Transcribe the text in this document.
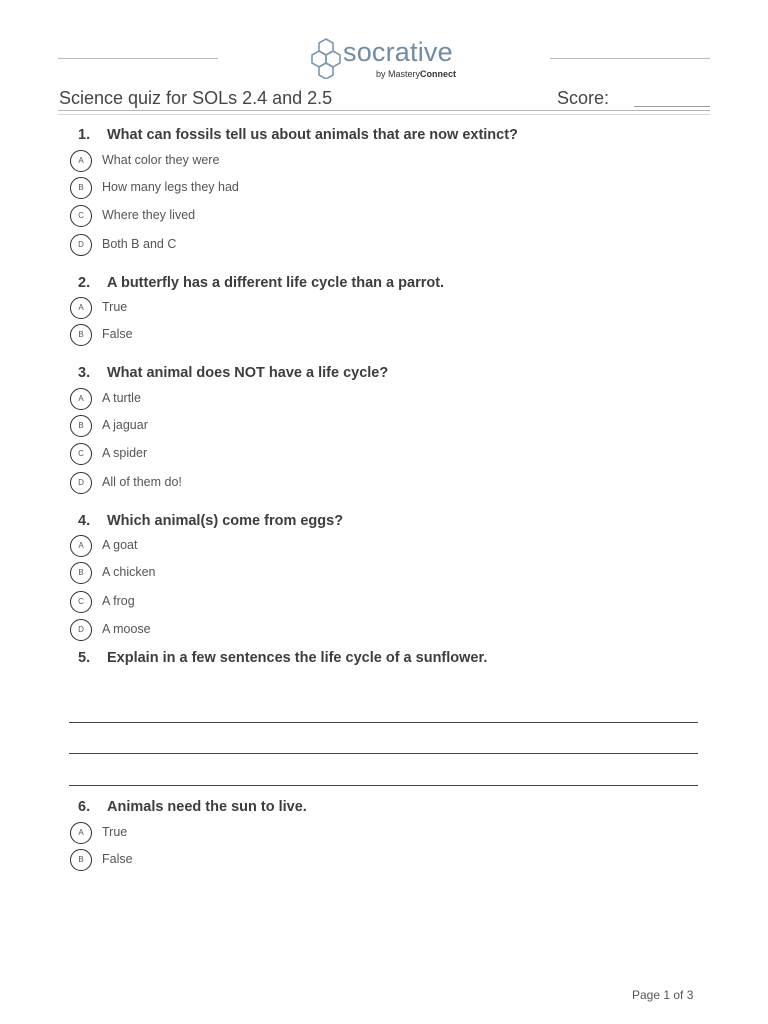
socrative
by MasteryConnect
Science quiz for SOLs 2.4 and 2.5	Score:
1. What can fossils tell us about animals that are now extinct?
A	What color they were
B	How many legs they had
C	Where they lived
D	Both B and C
2. A butterfly has a different life cycle than a parrot.
A	True
B	False
3. What animal does NOT have a life cycle?
A	A turtle
B	A jaguar
C	A spider
D	All of them do!
4. Which animal(s) come from eggs?
A	A goat
B	A chicken
C	A frog
D	A moose
5. Explain in a few sentences the life cycle of a sunflower.
6. Animals need the sun to live.
A	True
B	False
Page 1 of 3
